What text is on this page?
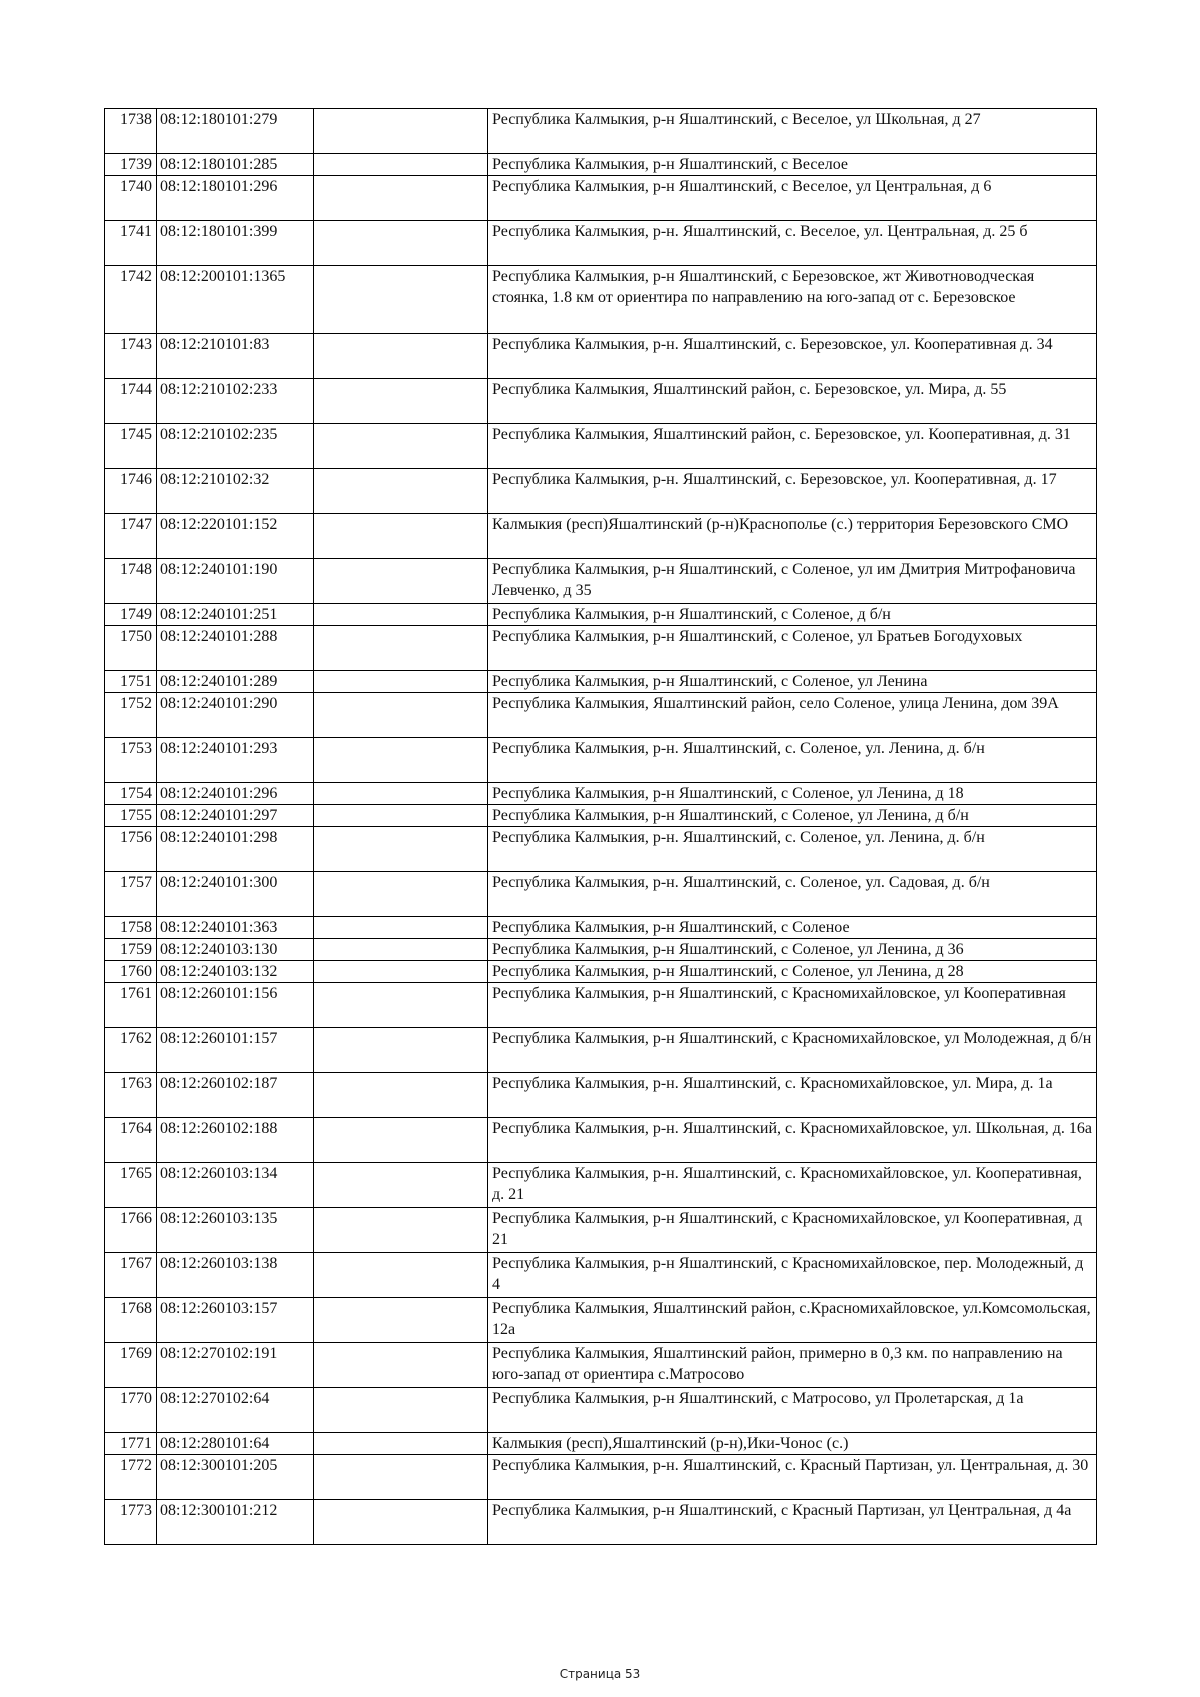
1738	08:12:180101:279		Республика Калмыкия, р-н Яшалтинский, с Веселое, ул Школьная, д 27
1739	08:12:180101:285		Республика Калмыкия, р-н Яшалтинский, с Веселое
1740	08:12:180101:296		Республика Калмыкия, р-н Яшалтинский, с Веселое, ул Центральная, д 6
1741	08:12:180101:399		Республика Калмыкия, р-н. Яшалтинский, с. Веселое, ул. Центральная, д. 25 б
1742	08:12:200101:1365		Республика Калмыкия, р-н Яшалтинский, с Березовское, жт Животноводческая стоянка, 1.8 км от ориентира по направлению на юго-запад от с. Березовское
1743	08:12:210101:83		Республика Калмыкия, р-н. Яшалтинский, с. Березовское, ул. Кооперативная д. 34
1744	08:12:210102:233		Республика Калмыкия, Яшалтинский район, с. Березовское, ул. Мира, д. 55
1745	08:12:210102:235		Республика Калмыкия, Яшалтинский район, с. Березовское, ул. Кооперативная, д. 31
1746	08:12:210102:32		Республика Калмыкия, р-н. Яшалтинский, с. Березовское, ул. Кооперативная, д. 17
1747	08:12:220101:152		Калмыкия (респ)Яшалтинский (р-н)Краснополье (с.) территория Березовского СМО
1748	08:12:240101:190		Республика Калмыкия, р-н Яшалтинский, с Соленое, ул им Дмитрия Митрофановича Левченко, д 35
1749	08:12:240101:251		Республика Калмыкия, р-н Яшалтинский, с Соленое, д б/н
1750	08:12:240101:288		Республика Калмыкия, р-н Яшалтинский, с Соленое, ул Братьев Богодуховых
1751	08:12:240101:289		Республика Калмыкия, р-н Яшалтинский, с Соленое, ул Ленина
1752	08:12:240101:290		Республика Калмыкия, Яшалтинский район, село Соленое, улица Ленина, дом 39А
1753	08:12:240101:293		Республика Калмыкия, р-н. Яшалтинский, с. Соленое, ул. Ленина, д. б/н
1754	08:12:240101:296		Республика Калмыкия, р-н Яшалтинский, с Соленое, ул Ленина, д 18
1755	08:12:240101:297		Республика Калмыкия, р-н Яшалтинский, с Соленое, ул Ленина, д б/н
1756	08:12:240101:298		Республика Калмыкия, р-н. Яшалтинский, с. Соленое, ул. Ленина, д. б/н
1757	08:12:240101:300		Республика Калмыкия, р-н. Яшалтинский, с. Соленое, ул. Садовая, д. б/н
1758	08:12:240101:363		Республика Калмыкия, р-н Яшалтинский, с Соленое
1759	08:12:240103:130		Республика Калмыкия, р-н Яшалтинский, с Соленое, ул Ленина, д 36
1760	08:12:240103:132		Республика Калмыкия, р-н Яшалтинский, с Соленое, ул Ленина, д 28
1761	08:12:260101:156		Республика Калмыкия, р-н Яшалтинский, с Красномихайловское, ул Кооперативная
1762	08:12:260101:157		Республика Калмыкия, р-н Яшалтинский, с Красномихайловское, ул Молодежная, д б/н
1763	08:12:260102:187		Республика Калмыкия, р-н. Яшалтинский, с. Красномихайловское, ул. Мира, д. 1а
1764	08:12:260102:188		Республика Калмыкия, р-н. Яшалтинский, с. Красномихайловское, ул. Школьная, д. 16а
1765	08:12:260103:134		Республика Калмыкия, р-н. Яшалтинский, с. Красномихайловское, ул. Кооперативная, д. 21
1766	08:12:260103:135		Республика Калмыкия, р-н Яшалтинский, с Красномихайловское, ул Кооперативная, д 21
1767	08:12:260103:138		Республика Калмыкия, р-н Яшалтинский, с Красномихайловское, пер. Молодежный, д 4
1768	08:12:260103:157		Республика Калмыкия, Яшалтинский район, с.Красномихайловское, ул.Комсомольская, 12а
1769	08:12:270102:191		Республика Калмыкия, Яшалтинский район, примерно в 0,3 км. по направлению на юго-запад от ориентира с.Матросово
1770	08:12:270102:64		Республика Калмыкия, р-н Яшалтинский, с Матросово, ул Пролетарская, д 1а
1771	08:12:280101:64		Калмыкия (респ),Яшалтинский (р-н),Ики-Чонос (с.)
1772	08:12:300101:205		Республика Калмыкия, р-н. Яшалтинский, с. Красный Партизан, ул. Центральная, д. 30
1773	08:12:300101:212		Республика Калмыкия, р-н Яшалтинский, с Красный Партизан, ул Центральная, д 4а
Страница 53
